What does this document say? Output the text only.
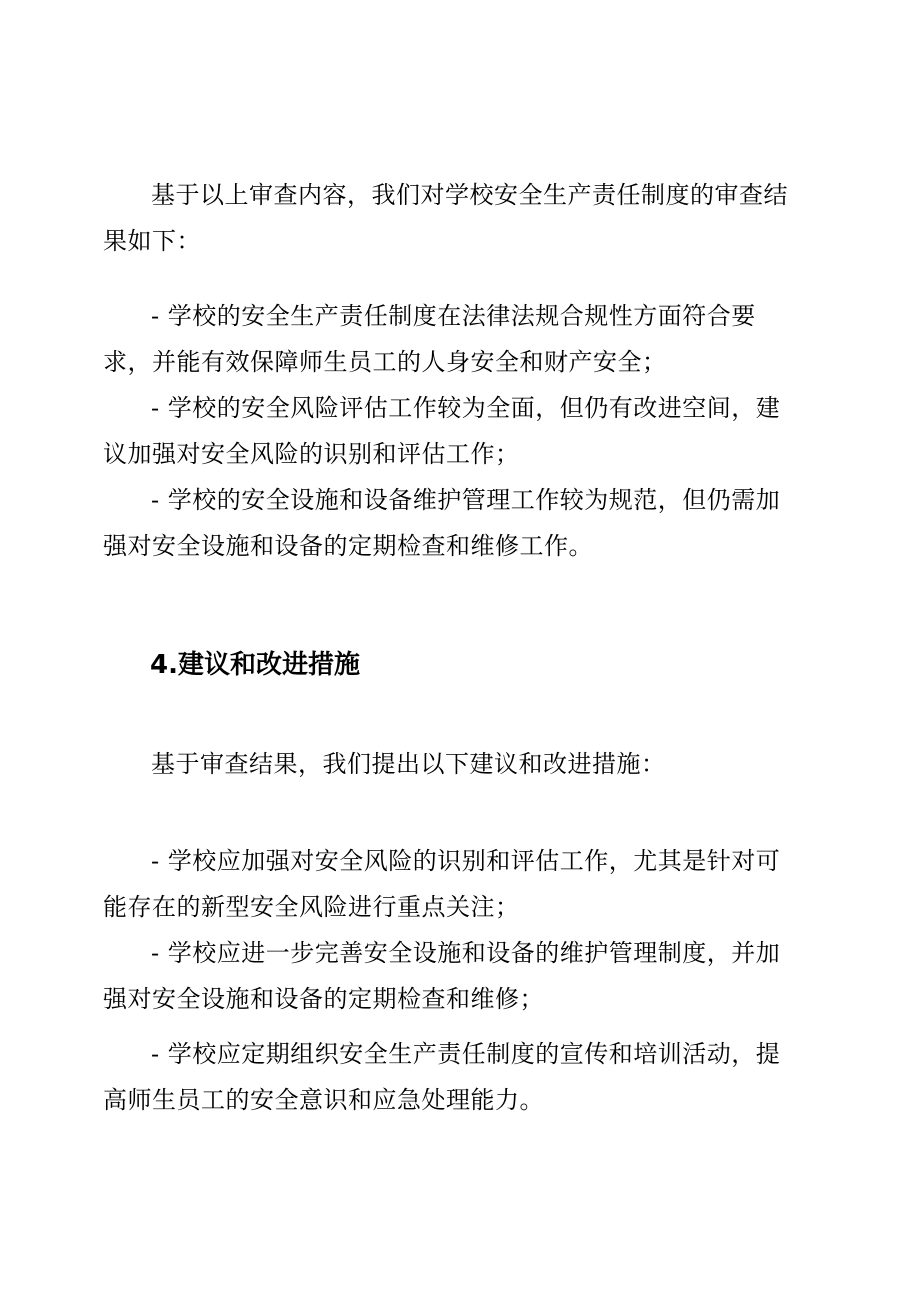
基于以上审查内容，我们对学校安全生产责任制度的审查结果如下：

- 学校的安全生产责任制度在法律法规合规性方面符合要求，并能有效保障师生员工的人身安全和财产安全；

- 学校的安全风险评估工作较为全面，但仍有改进空间，建议加强对安全风险的识别和评估工作；

- 学校的安全设施和设备维护管理工作较为规范，但仍需加强对安全设施和设备的定期检查和维修工作。

4.建议和改进措施

基于审查结果，我们提出以下建议和改进措施：

- 学校应加强对安全风险的识别和评估工作，尤其是针对可能存在的新型安全风险进行重点关注；

- 学校应进一步完善安全设施和设备的维护管理制度，并加强对安全设施和设备的定期检查和维修；

- 学校应定期组织安全生产责任制度的宣传和培训活动，提高师生员工的安全意识和应急处理能力。
